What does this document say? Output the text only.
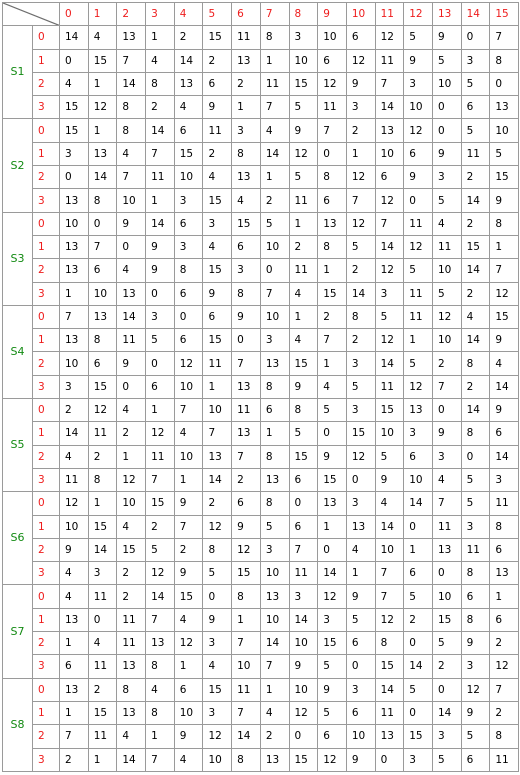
	0	1	2	3	4	5	6	7	8	9	10	11	12	13	14	15
S1	0	14	4	13	1	2	15	11	8	3	10	6	12	5	9	0	7
	1	0	15	7	4	14	2	13	1	10	6	12	11	9	5	3	8
	2	4	1	14	8	13	6	2	11	15	12	9	7	3	10	5	0
	3	15	12	8	2	4	9	1	7	5	11	3	14	10	0	6	13
S2	0	15	1	8	14	6	11	3	4	9	7	2	13	12	0	5	10
	1	3	13	4	7	15	2	8	14	12	0	1	10	6	9	11	5
	2	0	14	7	11	10	4	13	1	5	8	12	6	9	3	2	15
	3	13	8	10	1	3	15	4	2	11	6	7	12	0	5	14	9
S3	0	10	0	9	14	6	3	15	5	1	13	12	7	11	4	2	8
	1	13	7	0	9	3	4	6	10	2	8	5	14	12	11	15	1
	2	13	6	4	9	8	15	3	0	11	1	2	12	5	10	14	7
	3	1	10	13	0	6	9	8	7	4	15	14	3	11	5	2	12
S4	0	7	13	14	3	0	6	9	10	1	2	8	5	11	12	4	15
	1	13	8	11	5	6	15	0	3	4	7	2	12	1	10	14	9
	2	10	6	9	0	12	11	7	13	15	1	3	14	5	2	8	4
	3	3	15	0	6	10	1	13	8	9	4	5	11	12	7	2	14
S5	0	2	12	4	1	7	10	11	6	8	5	3	15	13	0	14	9
	1	14	11	2	12	4	7	13	1	5	0	15	10	3	9	8	6
	2	4	2	1	11	10	13	7	8	15	9	12	5	6	3	0	14
	3	11	8	12	7	1	14	2	13	6	15	0	9	10	4	5	3
S6	0	12	1	10	15	9	2	6	8	0	13	3	4	14	7	5	11
	1	10	15	4	2	7	12	9	5	6	1	13	14	0	11	3	8
	2	9	14	15	5	2	8	12	3	7	0	4	10	1	13	11	6
	3	4	3	2	12	9	5	15	10	11	14	1	7	6	0	8	13
S7	0	4	11	2	14	15	0	8	13	3	12	9	7	5	10	6	1
	1	13	0	11	7	4	9	1	10	14	3	5	12	2	15	8	6
	2	1	4	11	13	12	3	7	14	10	15	6	8	0	5	9	2
	3	6	11	13	8	1	4	10	7	9	5	0	15	14	2	3	12
S8	0	13	2	8	4	6	15	11	1	10	9	3	14	5	0	12	7
	1	1	15	13	8	10	3	7	4	12	5	6	11	0	14	9	2
	2	7	11	4	1	9	12	14	2	0	6	10	13	15	3	5	8
	3	2	1	14	7	4	10	8	13	15	12	9	0	3	5	6	11
